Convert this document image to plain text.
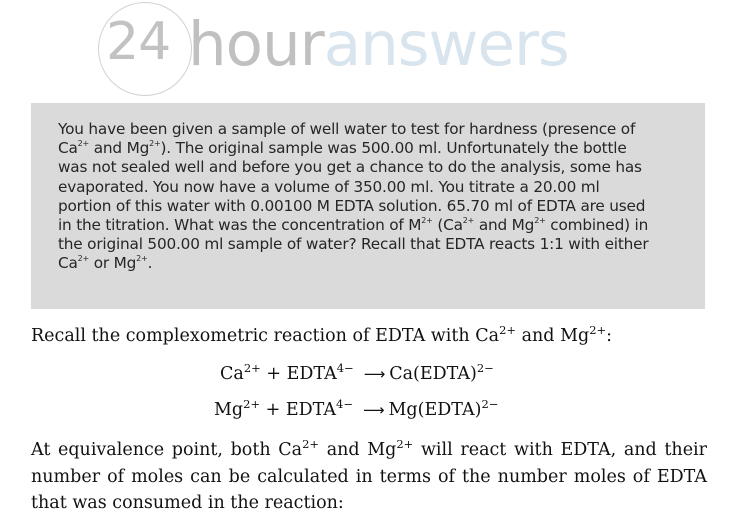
24 houranswers
You have been given a sample of well water to test for hardness (presence of
$Ca^{2+}$ and $Mg^{2+}$). The original sample was 500.00 ml. Unfortunately the bottle
was not sealed well and before you get a chance to do the analysis, some has
evaporated. You now have a volume of 350.00 ml. You titrate a 20.00 ml
portion of this water with 0.00100 M EDTA solution. 65.70 ml of EDTA are used
in the titration. What was the concentration of $M^{2+}$ ($Ca^{2+}$ and $Mg^{2+}$ combined) in
the original 500.00 ml sample of water? Recall that EDTA reacts 1:1 with either
$Ca^{2+}$ or $Mg^{2+}$.
Recall the complexometric reaction of EDTA with $Ca^{2+}$ and $Mg^{2+}$:
$Ca^{2+}$ + $EDTA^{4-}$ ⟶ Ca(EDTA)$^{2-}$
$Mg^{2+}$ + $EDTA^{4-}$ ⟶ Mg(EDTA)$^{2-}$
At equivalence point, both $Ca^{2+}$ and $Mg^{2+}$ will react with EDTA, and their number of moles can be calculated in terms of the number moles of EDTA that was consumed in the reaction:
